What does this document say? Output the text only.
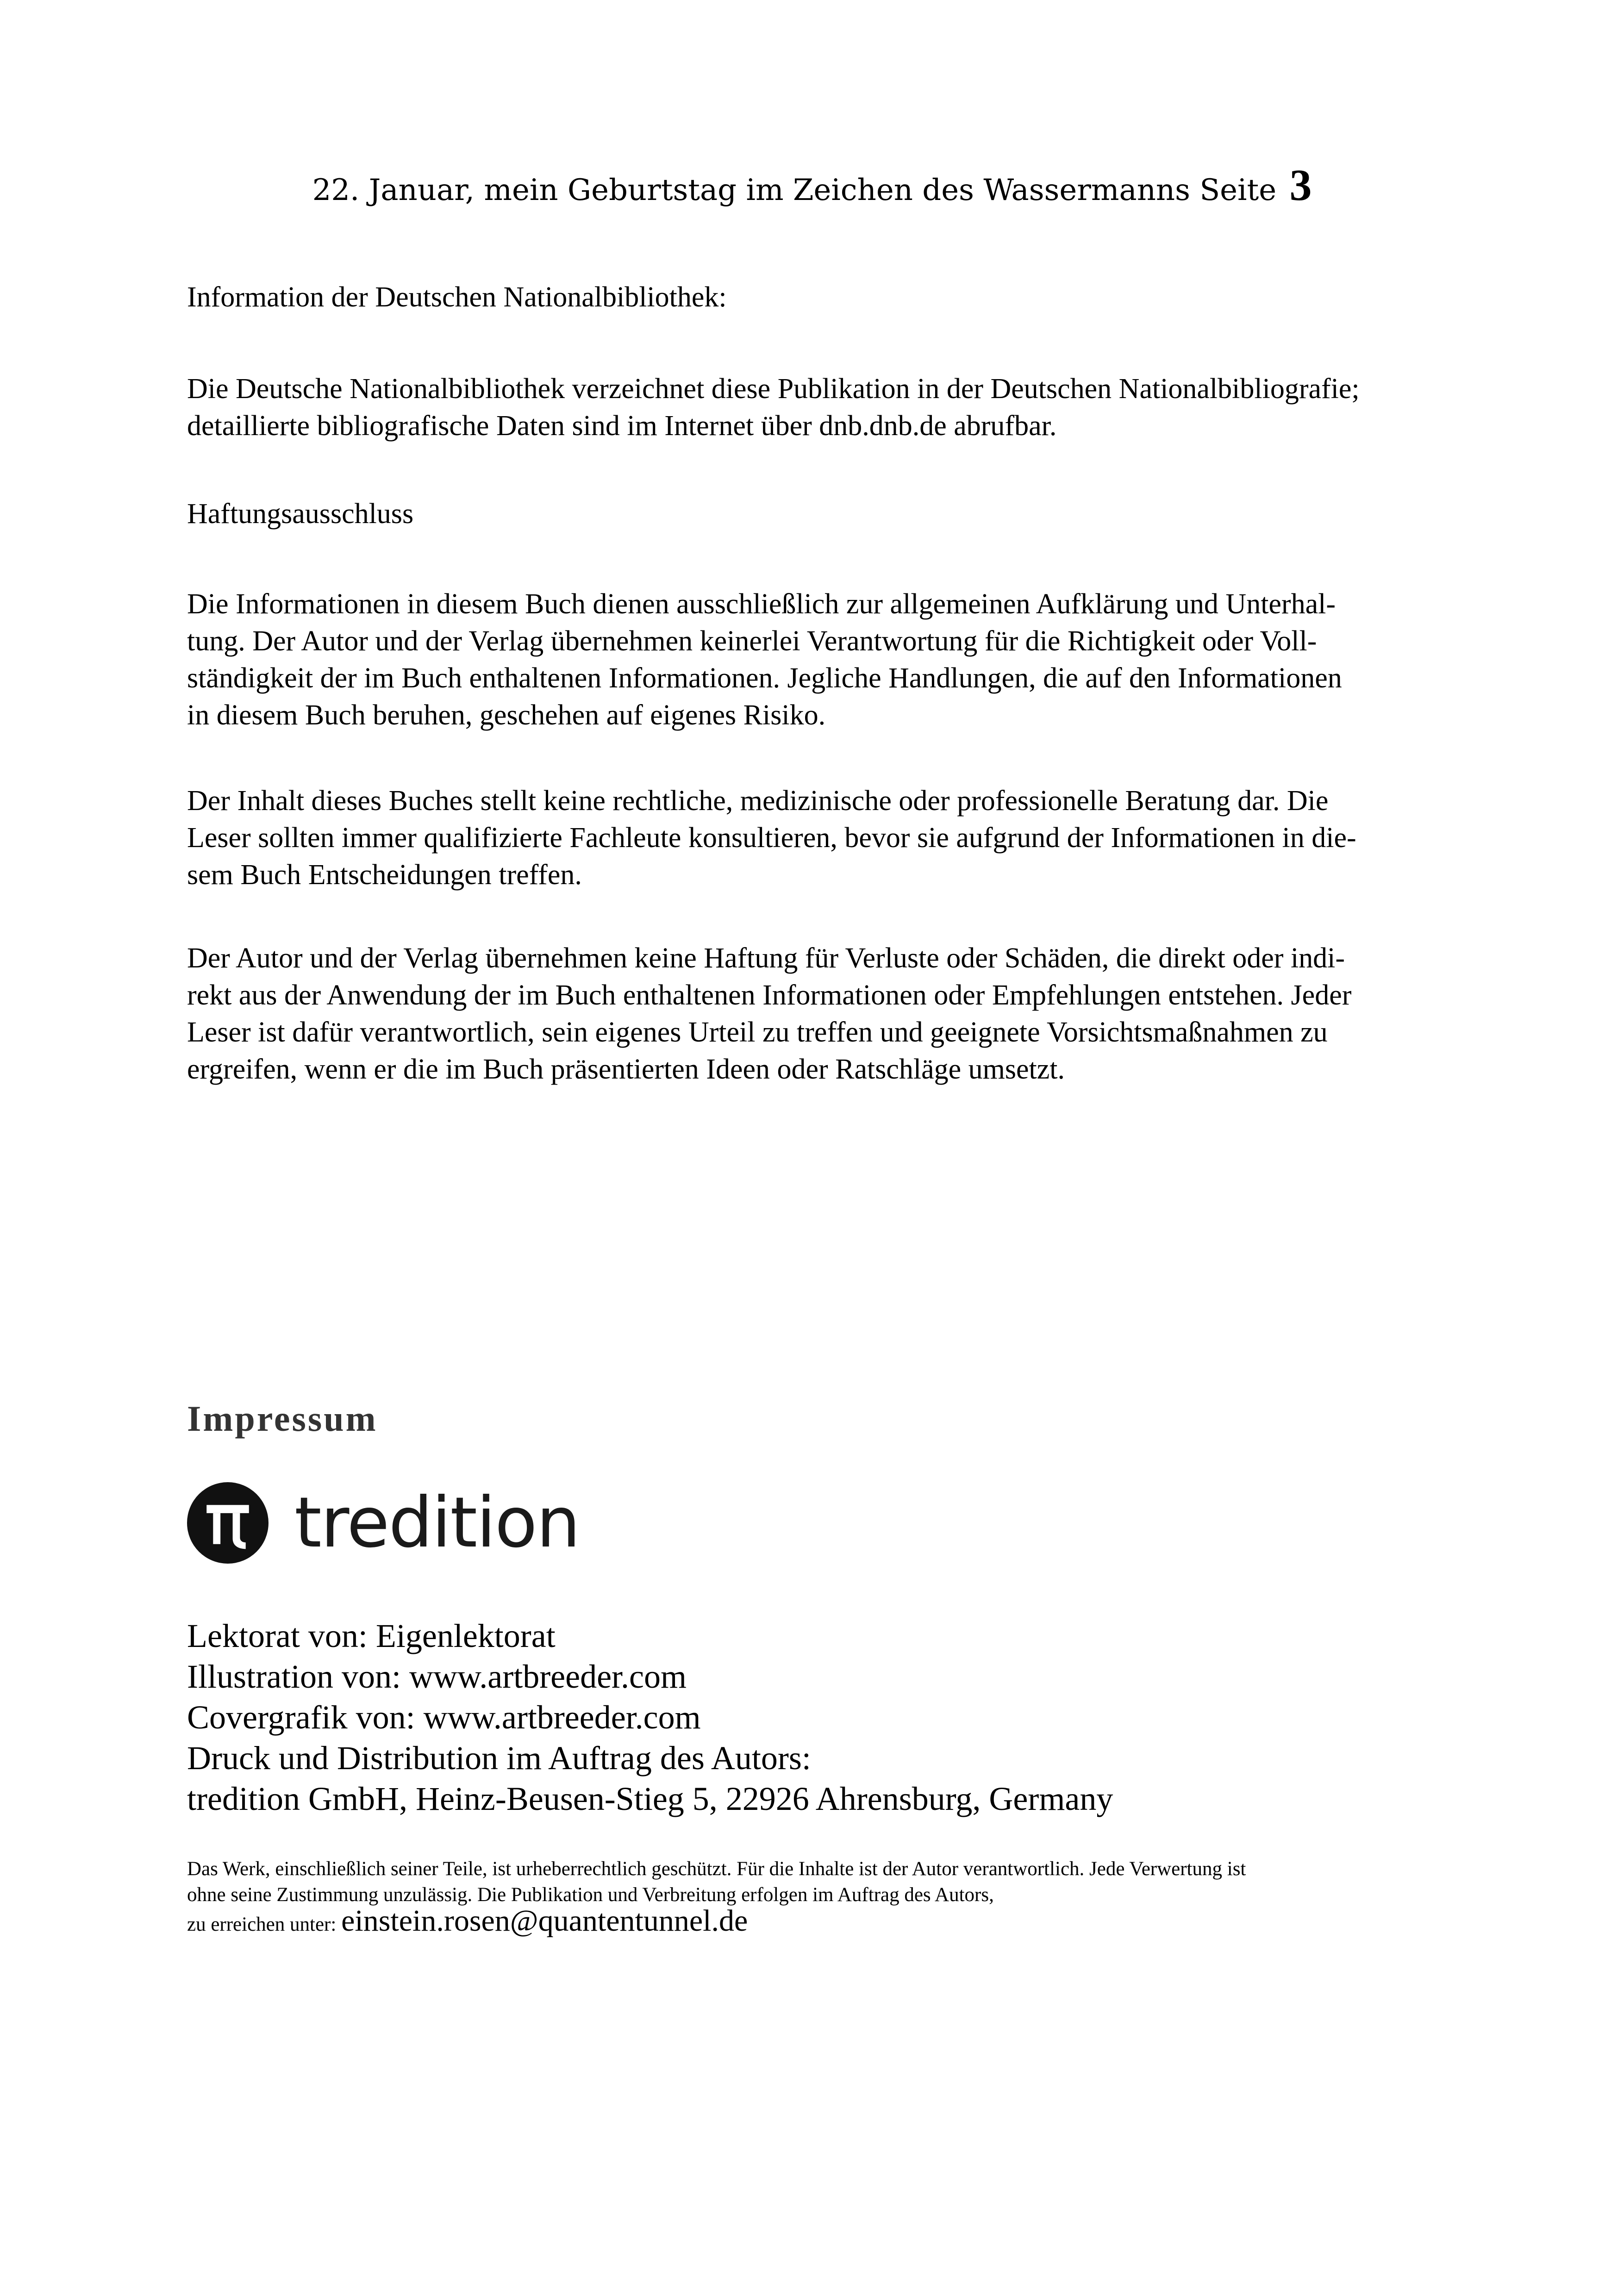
22. Januar, mein Geburtstag im Zeichen des Wassermanns Seite 3

Information der Deutschen Nationalbibliothek:

Die Deutsche Nationalbibliothek verzeichnet diese Publikation in der Deutschen Nationalbibliografie;
detaillierte bibliografische Daten sind im Internet über dnb.dnb.de abrufbar.

Haftungsausschluss

Die Informationen in diesem Buch dienen ausschließlich zur allgemeinen Aufklärung und Unterhal-
tung. Der Autor und der Verlag übernehmen keinerlei Verantwortung für die Richtigkeit oder Voll-
ständigkeit der im Buch enthaltenen Informationen. Jegliche Handlungen, die auf den Informationen
in diesem Buch beruhen, geschehen auf eigenes Risiko.

Der Inhalt dieses Buches stellt keine rechtliche, medizinische oder professionelle Beratung dar. Die
Leser sollten immer qualifizierte Fachleute konsultieren, bevor sie aufgrund der Informationen in die-
sem Buch Entscheidungen treffen.

Der Autor und der Verlag übernehmen keine Haftung für Verluste oder Schäden, die direkt oder indi-
rekt aus der Anwendung der im Buch enthaltenen Informationen oder Empfehlungen entstehen. Jeder
Leser ist dafür verantwortlich, sein eigenes Urteil zu treffen und geeignete Vorsichtsmaßnahmen zu
ergreifen, wenn er die im Buch präsentierten Ideen oder Ratschläge umsetzt.

Impressum
tredition

Lektorat von: Eigenlektorat
Illustration von: www.artbreeder.com
Covergrafik von: www.artbreeder.com
Druck und Distribution im Auftrag des Autors:
tredition GmbH, Heinz-Beusen-Stieg 5, 22926 Ahrensburg, Germany

Das Werk, einschließlich seiner Teile, ist urheberrechtlich geschützt. Für die Inhalte ist der Autor verantwortlich. Jede Verwertung ist
ohne seine Zustimmung unzulässig. Die Publikation und Verbreitung erfolgen im Auftrag des Autors,
zu erreichen unter: einstein.rosen@quantentunnel.de
